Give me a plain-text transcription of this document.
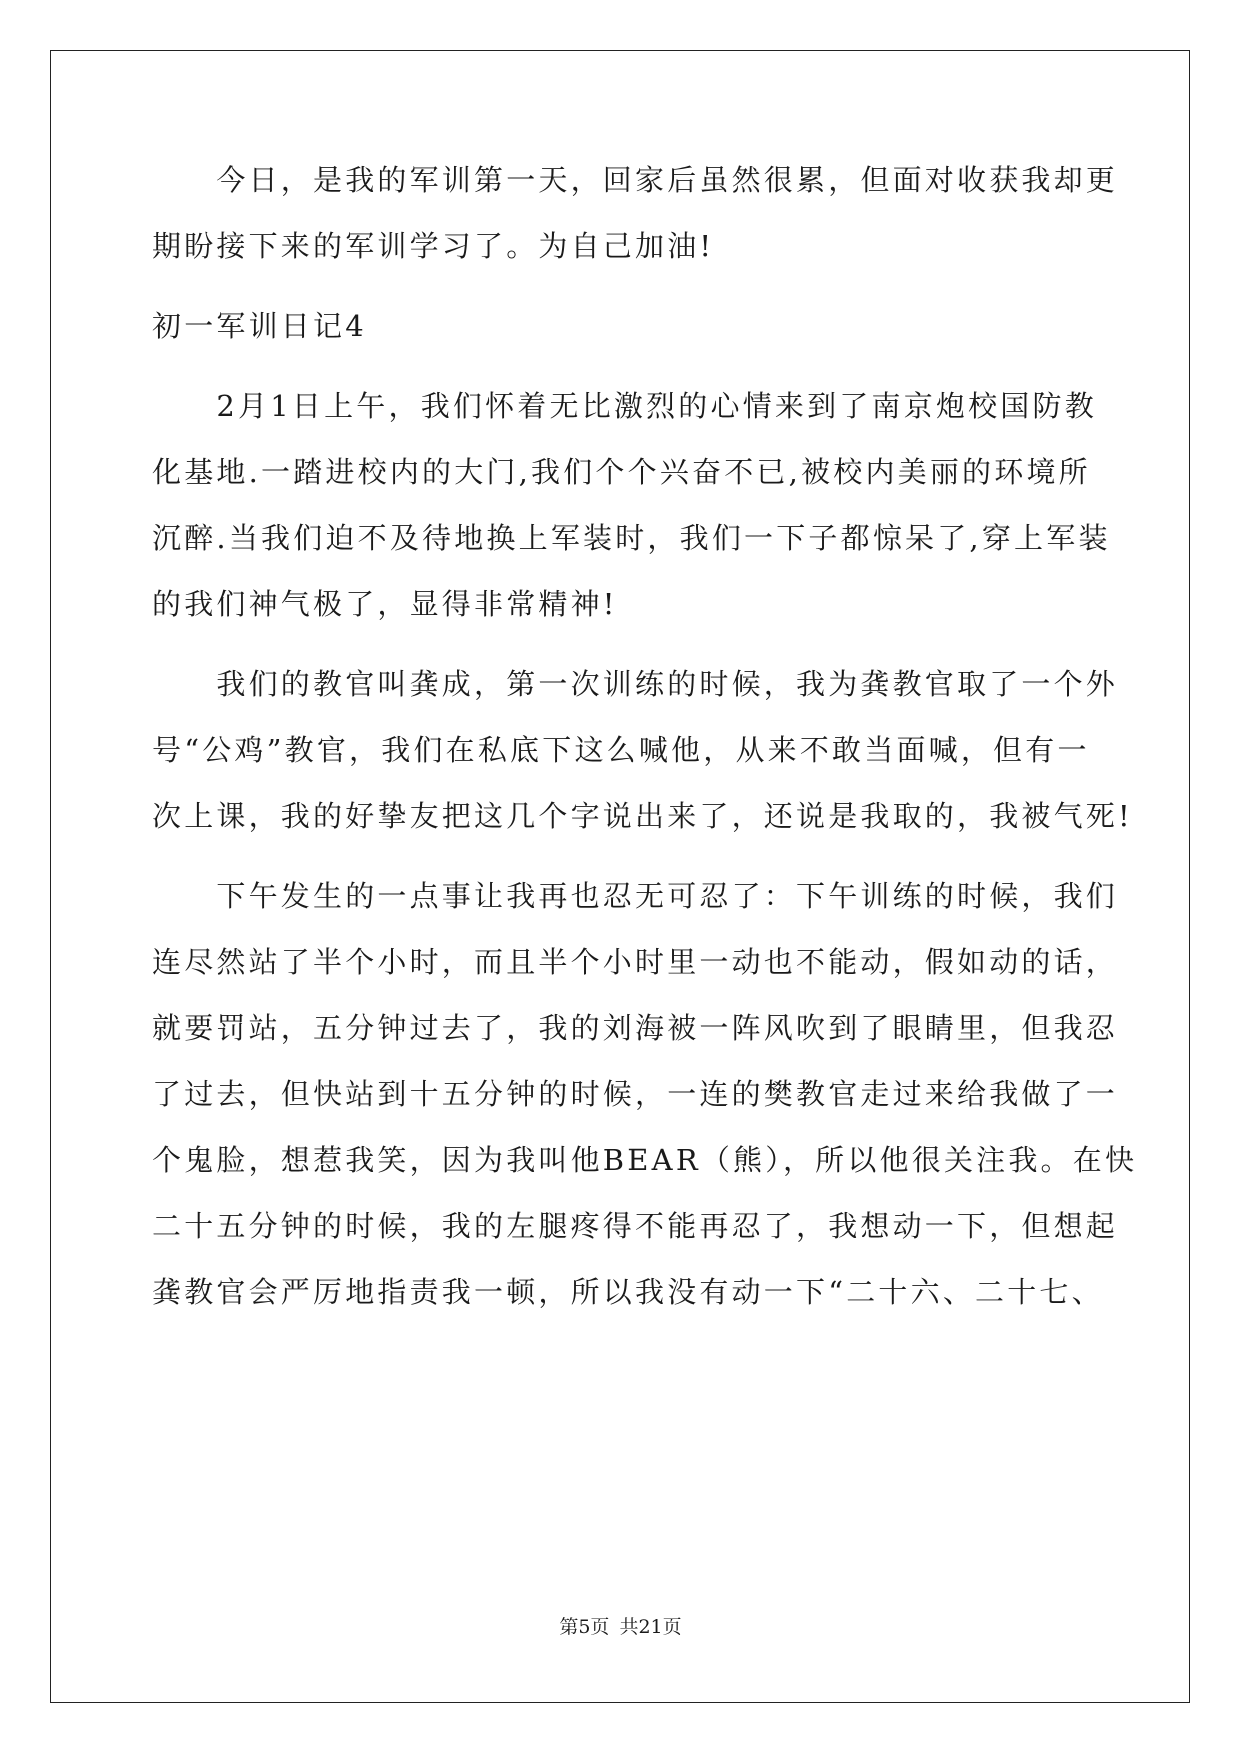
　　今日，是我的军训第一天，回家后虽然很累，但面对收获我却更
期盼接下来的军训学习了。为自己加油!
初一军训日记4
　　2月1日上午，我们怀着无比激烈的心情来到了南京炮校国防教
化基地.一踏进校内的大门,我们个个兴奋不已,被校内美丽的环境所
沉醉.当我们迫不及待地换上军装时，我们一下子都惊呆了,穿上军装
的我们神气极了，显得非常精神!
　　我们的教官叫龚成，第一次训练的时候，我为龚教官取了一个外
号“公鸡”教官，我们在私底下这么喊他，从来不敢当面喊，但有一
次上课，我的好挚友把这几个字说出来了，还说是我取的，我被气死!
　　下午发生的一点事让我再也忍无可忍了：下午训练的时候，我们
连尽然站了半个小时，而且半个小时里一动也不能动，假如动的话，
就要罚站，五分钟过去了，我的刘海被一阵风吹到了眼睛里，但我忍
了过去，但快站到十五分钟的时候，一连的樊教官走过来给我做了一
个鬼脸，想惹我笑，因为我叫他BEAR（熊），所以他很关注我。在快
二十五分钟的时候，我的左腿疼得不能再忍了，我想动一下，但想起
龚教官会严厉地指责我一顿，所以我没有动一下“二十六、二十七、
第5页 共21页
